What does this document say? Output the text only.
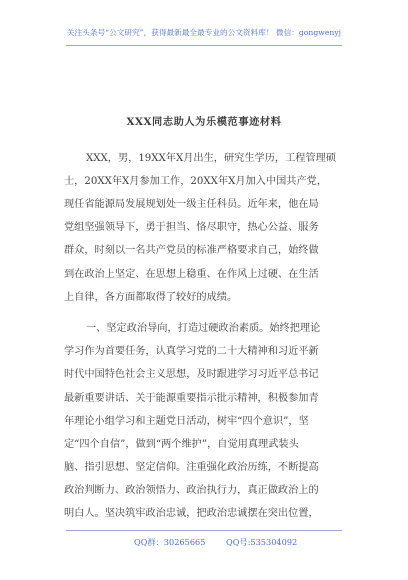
关注头条号“公文研究”，获得最新最全最专业的公文资料库！ 微信：gongwenyj
XXX同志助人为乐模范事迹材料
XXX，男，19XX年X月出生，研究生学历，工程管理硕
士，20XX年X月参加工作，20XX年X月加入中国共产党，
现任省能源局发展规划处一级主任科员。近年来，他在局
党组坚强领导下，勇于担当、恪尽职守，热心公益、服务
群众，时刻以一名共产党员的标准严格要求自己，始终做
到在政治上坚定、在思想上稳重、在作风上过硬、在生活
上自律，各方面都取得了较好的成绩。
一、坚定政治导向，打造过硬政治素质。始终把理论
学习作为首要任务，认真学习党的二十大精神和习近平新
时代中国特色社会主义思想，及时跟进学习习近平总书记
最新重要讲话、关于能源重要指示批示精神，积极参加青
年理论小组学习和主题党日活动，树牢“四个意识”，坚
定“四个自信”，做到“两个维护”，自觉用真理武装头
脑、指引思想、坚定信仰。注重强化政治历练，不断提高
政治判断力、政治领悟力、政治执行力，真正做政治上的
明白人。坚决筑牢政治忠诚，把政治忠诚摆在突出位置，
QQ群：30265665	QQ号:535304092
